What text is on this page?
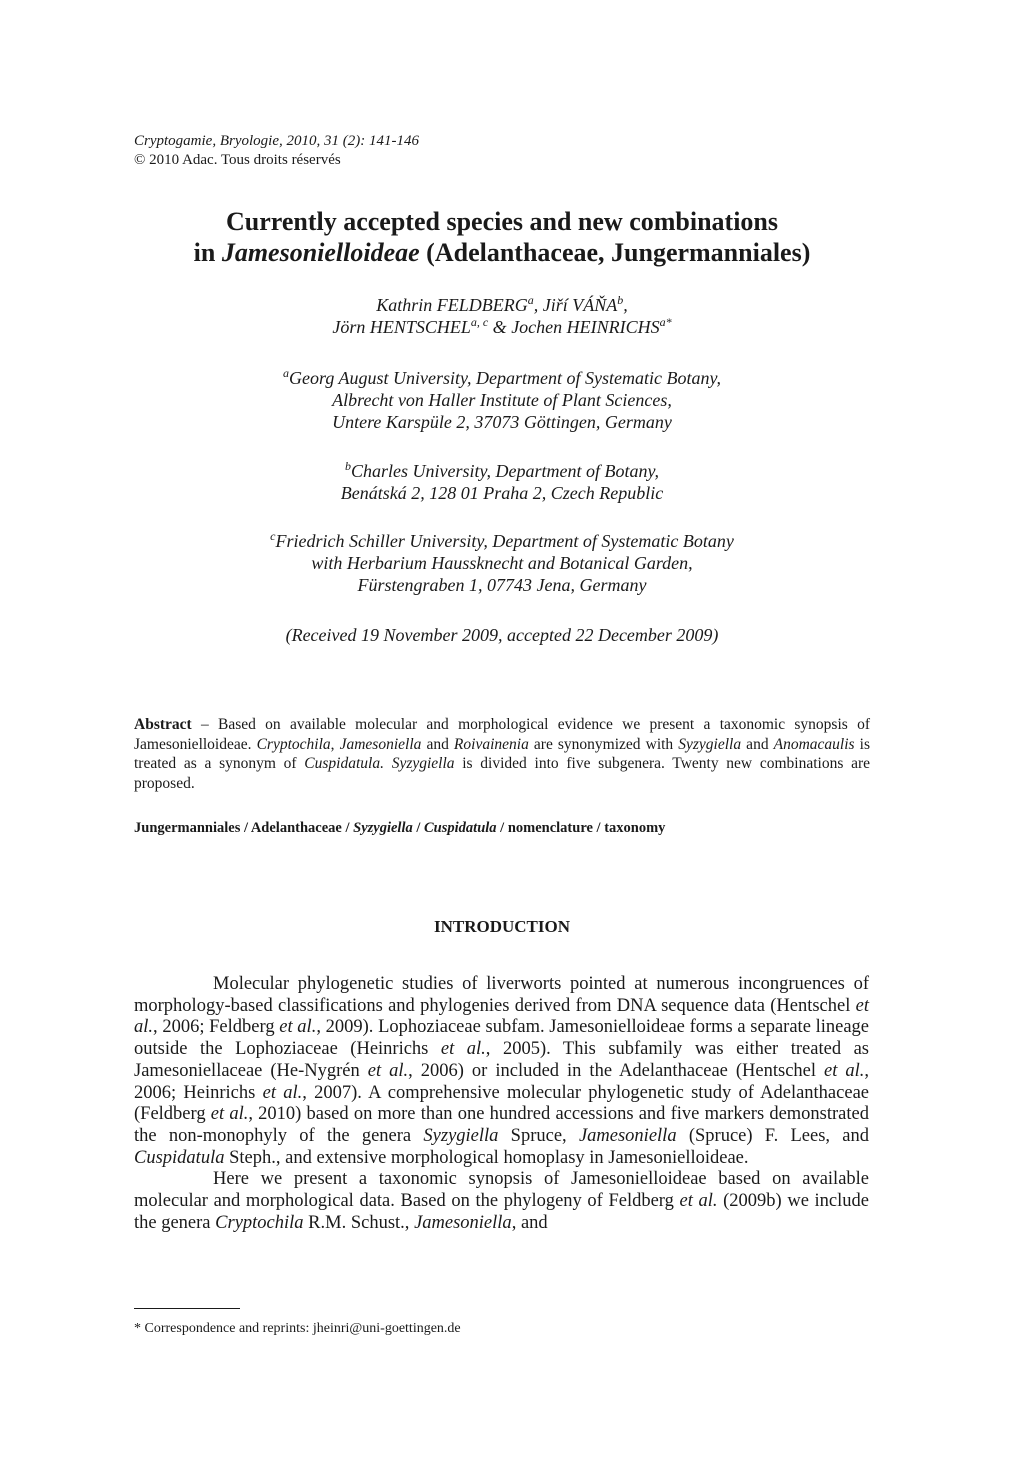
Cryptogamie, Bryologie, 2010, 31 (2): 141-146
© 2010 Adac. Tous droits réservés
Currently accepted species and new combinations
in Jamesonielloideae (Adelanthaceae, Jungermanniales)
Kathrin FELDBERG$^a$, Jiří VÁŇA$^b$,
Jörn HENTSCHEL$^{a, c}$ & Jochen $HEINRICHS^{a*}$
$^a$Georg August University, Department of Systematic Botany,
Albrecht von Haller Institute of Plant Sciences,
Untere Karspüle 2, 37073 Göttingen, Germany
$^b$Charles University, Department of Botany,
Benátská 2, 128 01 Praha 2, Czech Republic
$^c$Friedrich Schiller University, Department of Systematic Botany
with Herbarium Haussknecht and Botanical Garden,
Fürstengraben 1, 07743 Jena, Germany
(Received 19 November 2009, accepted 22 December 2009)
Abstract – Based on available molecular and morphological evidence we present a taxonomic synopsis of Jamesonielloideae. Cryptochila, Jamesoniella and Roivainenia are synonymized with Syzygiella and Anomacaulis is treated as a synonym of Cuspidatula. Syzygiella is divided into five subgenera. Twenty new combinations are proposed.
Jungermanniales / Adelanthaceae / Syzygiella / Cuspidatula / nomenclature / taxonomy
INTRODUCTION

Molecular phylogenetic studies of liverworts pointed at numerous incongruences of morphology-based classifications and phylogenies derived from DNA sequence data (Hentschel et al., 2006; Feldberg et al., 2009). Lophoziaceae subfam. Jamesonielloideae forms a separate lineage outside the Lophoziaceae (Heinrichs et al., 2005). This subfamily was either treated as Jamesoniellaceae (He-Nygrén et al., 2006) or included in the Adelanthaceae (Hentschel et al., 2006; Heinrichs et al., 2007). A comprehensive molecular phylogenetic study of Adelanthaceae (Feldberg et al., 2010) based on more than one hundred accessions and five markers demonstrated the non-monophyly of the genera Syzygiella Spruce, Jamesoniella (Spruce) F. Lees, and Cuspidatula Steph., and extensive morphological homoplasy in Jamesonielloideae.

Here we present a taxonomic synopsis of Jamesonielloideae based on available molecular and morphological data. Based on the phylogeny of Feldberg et al. (2009b) we include the genera Cryptochila R.M. Schust., Jamesoniella, and

* Correspondence and reprints: jheinri@uni-goettingen.de
